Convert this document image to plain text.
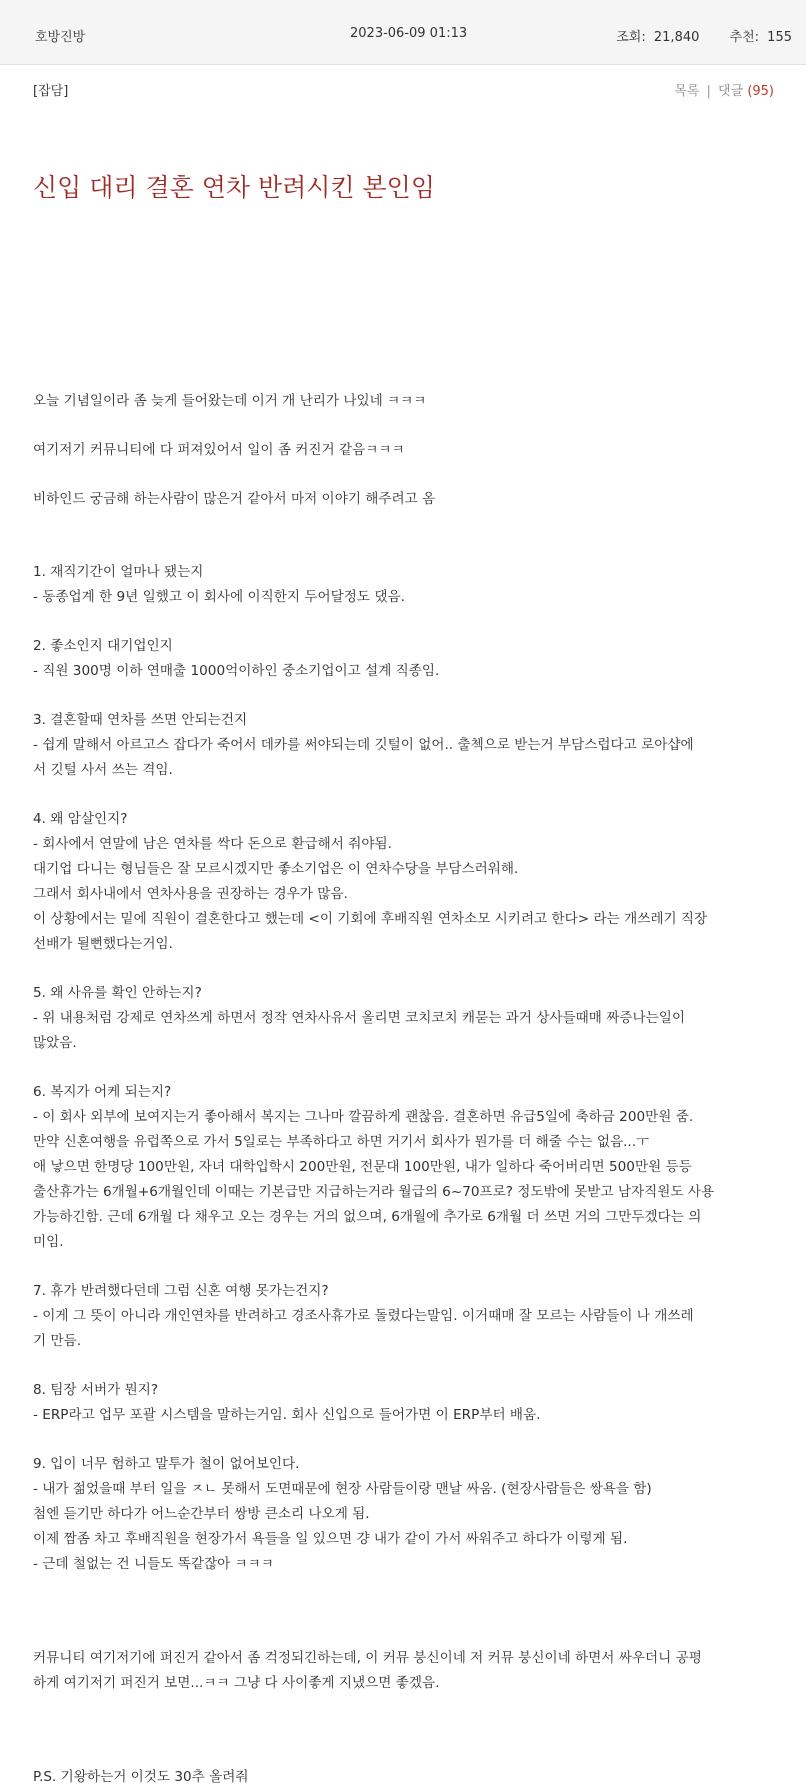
호방진방	2023-06-09 01:13	조회: 21,840 추천: 155
[잡담]	목록 | 댓글 (95)
신입 대리 결혼 연차 반려시킨 본인임

오늘 기념일이라 좀 늦게 들어왔는데 이거 개 난리가 나있네 ㅋㅋㅋ

여기저기 커뮤니티에 다 퍼져있어서 일이 좀 커진거 같음ㅋㅋㅋ

비하인드 궁금해 하는사람이 많은거 같아서 마저 이야기 해주려고 옴

1. 재직기간이 얼마나 됐는지

- 동종업계 한 9년 일했고 이 회사에 이직한지 두어달정도 댔음.

2. 좋소인지 대기업인지

- 직원 300명 이하 연매출 1000억이하인 중소기업이고 설계 직종임.

3. 결혼할때 연차를 쓰면 안되는건지

- 쉽게 말해서 아르고스 잡다가 죽어서 데카를 써야되는데 깃털이 없어.. 출첵으로 받는거 부담스럽다고 로아샵에

서 깃털 사서 쓰는 격임.

4. 왜 암살인지?

- 회사에서 연말에 남은 연차를 싹다 돈으로 환급해서 줘야됨.

대기업 다니는 형님들은 잘 모르시겠지만 좋소기업은 이 연차수당을 부담스러워해.

그래서 회사내에서 연차사용을 권장하는 경우가 많음.

이 상황에서는 밑에 직원이 결혼한다고 했는데 <이 기회에 후배직원 연차소모 시키려고 한다> 라는 개쓰레기 직장

선배가 될뻔했다는거임.

5. 왜 사유를 확인 안하는지?

- 위 내용처럼 강제로 연차쓰게 하면서 정작 연차사유서 올리면 코치코치 캐묻는 과거 상사들때매 짜증나는일이

많았음.

6. 복지가 어케 되는지?

- 이 회사 외부에 보여지는거 좋아해서 복지는 그나마 깔끔하게 괜찮음. 결혼하면 유급5일에 축하금 200만원 줌.

만약 신혼여행을 유럽쪽으로 가서 5일로는 부족하다고 하면 거기서 회사가 뭔가를 더 해줄 수는 없음...ㅜ

애 낳으면 한명당 100만원, 자녀 대학입학시 200만원, 전문대 100만원, 내가 일하다 죽어버리면 500만원 등등

출산휴가는 6개월+6개월인데 이때는 기본급만 지급하는거라 월급의 6~70프로? 정도밖에 못받고 남자직원도 사용

가능하긴함. 근데 6개월 다 채우고 오는 경우는 거의 없으며, 6개월에 추가로 6개월 더 쓰면 거의 그만두겠다는 의

미임.

7. 휴가 반려했다던데 그럼 신혼 여행 못가는건지?

- 이게 그 뜻이 아니라 개인연차를 반려하고 경조사휴가로 돌렸다는말임. 이거때매 잘 모르는 사람들이 나 개쓰레

기 만듬.

8. 팀장 서버가 뭔지?

- ERP라고 업무 포괄 시스템을 말하는거임. 회사 신입으로 들어가면 이 ERP부터 배움.

9. 입이 너무 험하고 말투가 철이 없어보인다.

- 내가 젊었을때 부터 일을 ㅈㄴ 못해서 도면때문에 현장 사람들이랑 맨날 싸움. (현장사람들은 쌍욕을 함)

첨엔 듣기만 하다가 어느순간부터 쌍방 큰소리 나오게 됨.

이제 짬좀 차고 후배직원을 현장가서 욕들을 일 있으면 걍 내가 같이 가서 싸워주고 하다가 이렇게 됨.

- 근데 철없는 건 니들도 똑같잖아 ㅋㅋㅋ

커뮤니티 여기저기에 퍼진거 같아서 좀 걱정되긴하는데, 이 커뮤 붕신이네 저 커뮤 붕신이네 하면서 싸우더니 공평

하게 여기저기 퍼진거 보면...ㅋㅋ 그냥 다 사이좋게 지냈으면 좋겠음.

P.S. 기왕하는거 이것도 30추 올려줘
